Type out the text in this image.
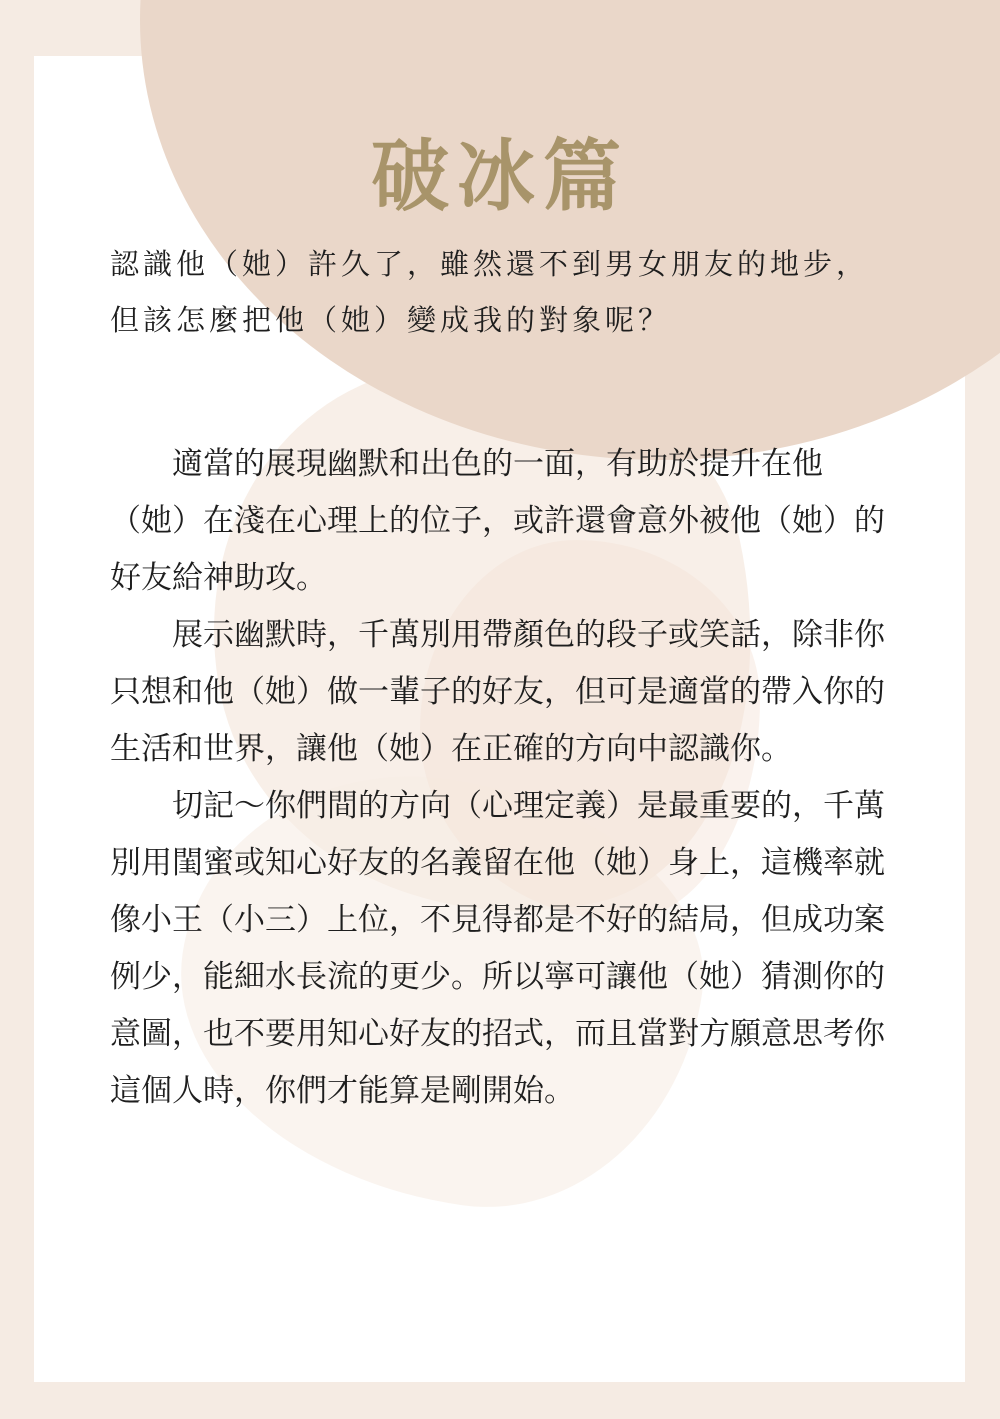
破冰篇

認識他（她）許久了，雖然還不到男女朋友的地步，

但該怎麼把他（她）變成我的對象呢？

適當的展現幽默和出色的一面，有助於提升在他（她）在淺在心理上的位子，或許還會意外被他（她）的好友給神助攻。

展示幽默時，千萬別用帶顏色的段子或笑話，除非你只想和他（她）做一輩子的好友，但可是適當的帶入你的生活和世界，讓他（她）在正確的方向中認識你。

切記～你們間的方向（心理定義）是最重要的，千萬別用閨蜜或知心好友的名義留在他（她）身上，這機率就像小王（小三）上位，不見得都是不好的結局，但成功案例少，能細水長流的更少。所以寧可讓他（她）猜測你的意圖，也不要用知心好友的招式，而且當對方願意思考你這個人時，你們才能算是剛開始。
